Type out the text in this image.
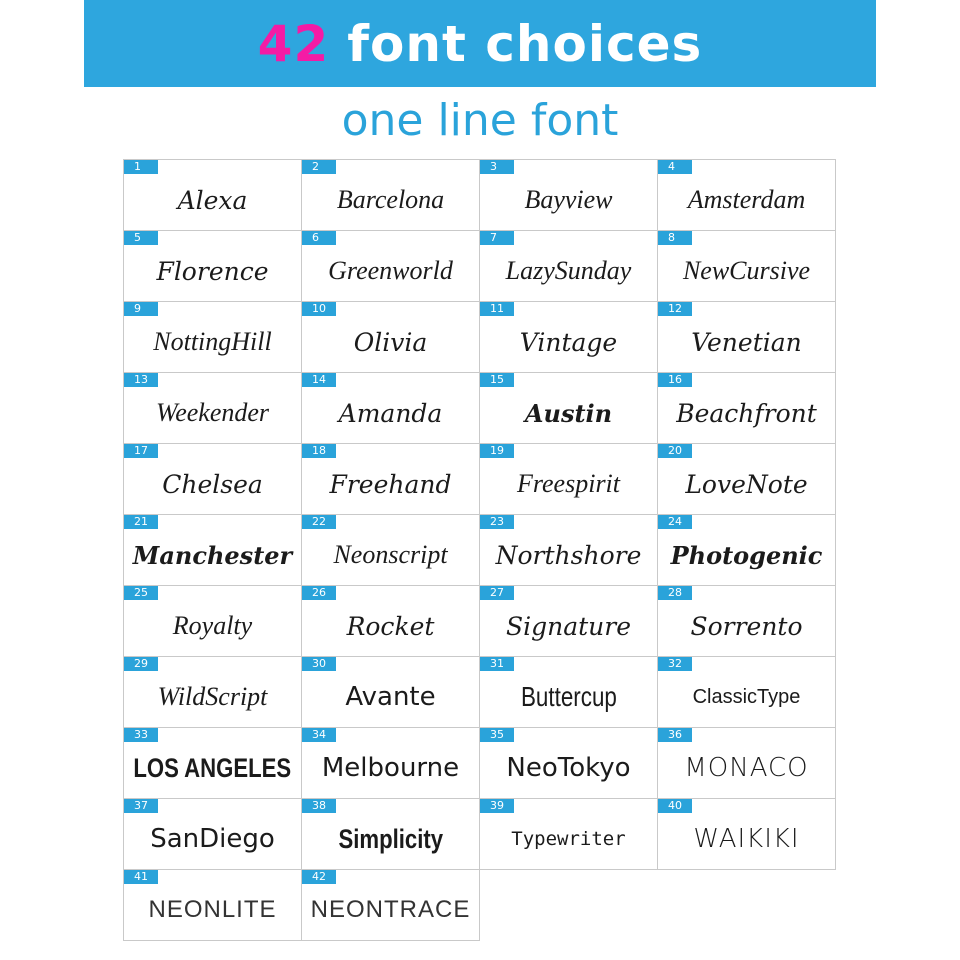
42 font choices
one line font
1
Alexa
2
Barcelona
3
Bayview
4
Amsterdam
5
Florence
6
Greenworld
7
LazySunday
8
NewCursive
9
NottingHill
10
Olivia
11
Vintage
12
Venetian
13
Weekender
14
Amanda
15
Austin
16
Beachfront
17
Chelsea
18
Freehand
19
Freespirit
20
LoveNote
21
Manchester
22
Neonscript
23
Northshore
24
Photogenic
25
Royalty
26
Rocket
27
Signature
28
Sorrento
29
WildScript
30
Avante
31
Buttercup
32
ClassicType
33
LOS ANGELES
34
Melbourne
35
NeoTokyo
36
MONACO
37
SanDiego
38
Simplicity
39
Typewriter
40
WAIKIKI
41
NEONLITE
42
NEONTRACE
